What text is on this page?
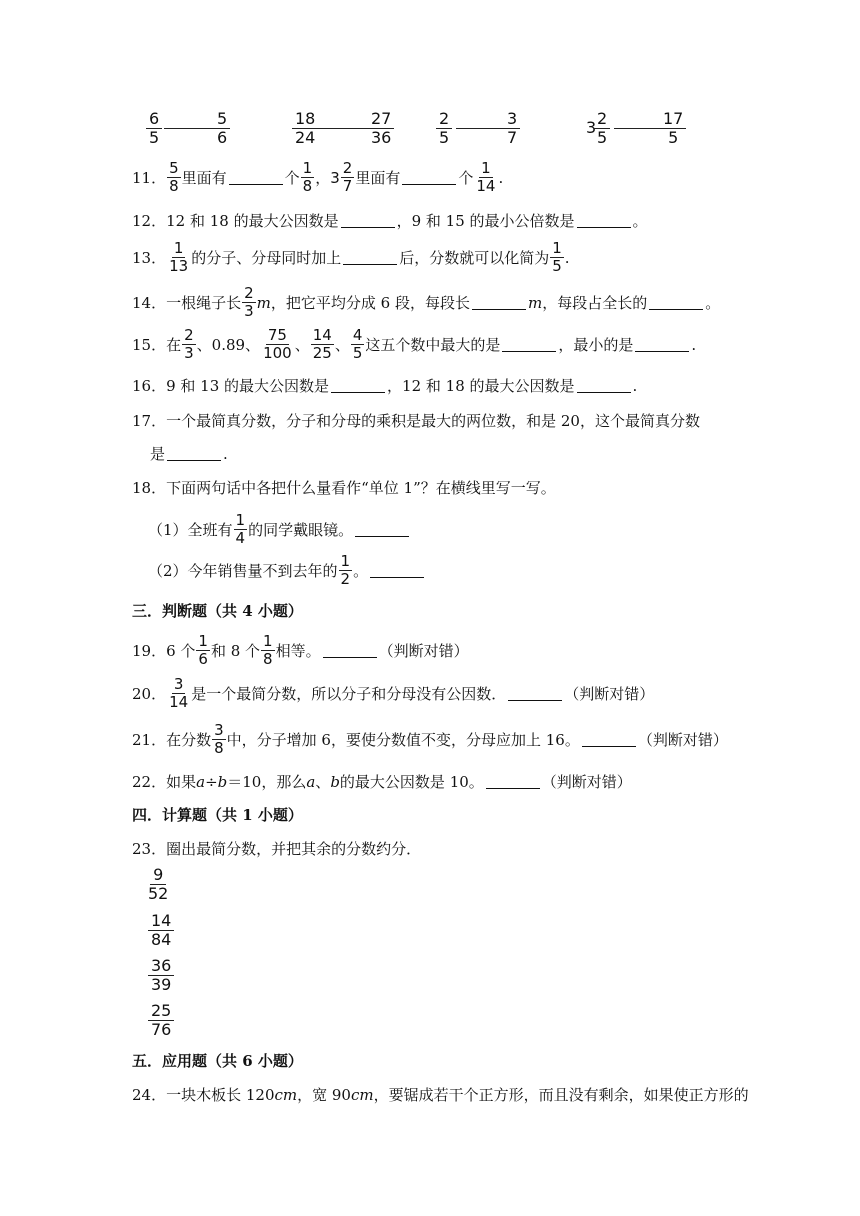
6
5
5
6
18
24
27
36
2
5
3
7
3 2
5
17
5
11． $\frac{5}{8}$ 里面有	个 $\frac{1}{8}$ ， $3 \frac{2}{7}$ 里面有	个 $\frac{1}{14}$ .
12． 12 和 18 的最大公因数是	，9 和 15 的最小公倍数是	。
13． $\frac{1}{13}$ 的分子、分母同时加上	后，分数就可以化简为 $\frac{1}{5}$ .
14． 一根绳子长 $\frac{2}{3}$ m ，把它平均分成 6 段，每段长	m ，每段占全长的	。
15． 在 $\frac{2}{3}$ 、0.89、 $\frac{75}{100}$ 、 $\frac{14}{25}$ 、 $\frac{4}{5}$ 这五个数中最大的是	，最小的是	.
16． 9 和 13 的最大公因数是	，12 和 18 的最大公因数是	.
17． 一个最简真分数，分子和分母的乘积是最大的两位数，和是 20，这个最简真分数
是	.
18． 下面两句话中各把什么量看作“单位 1”？在横线里写一写。
（1）全班有 $\frac{1}{4}$ 的同学戴眼镜。
（2）今年销售量不到去年的 $\frac{1}{2}$ 。
三．判断题（共 4 小题）
19． 6 个 $\frac{1}{6}$ 和 8 个 $\frac{1}{8}$ 相等。	（判断对错）
20． $\frac{3}{14}$ 是一个最简分数，所以分子和分母没有公因数．	（判断对错）
21． 在分数 $\frac{3}{8}$ 中，分子增加 6，要使分数值不变，分母应加上 16。	（判断对错）
22． 如果 a ÷ b ＝10，那么 a 、 b 的最大公因数是 10。	（判断对错）
四．计算题（共 1 小题）
23． 圈出最简分数，并把其余的分数约分．
9
52
14
84
36
39
25
76
五．应用题（共 6 小题）
24． 一块木板长 120 cm ，宽 90 cm ，要锯成若干个正方形，而且没有剩余，如果使正方形的
